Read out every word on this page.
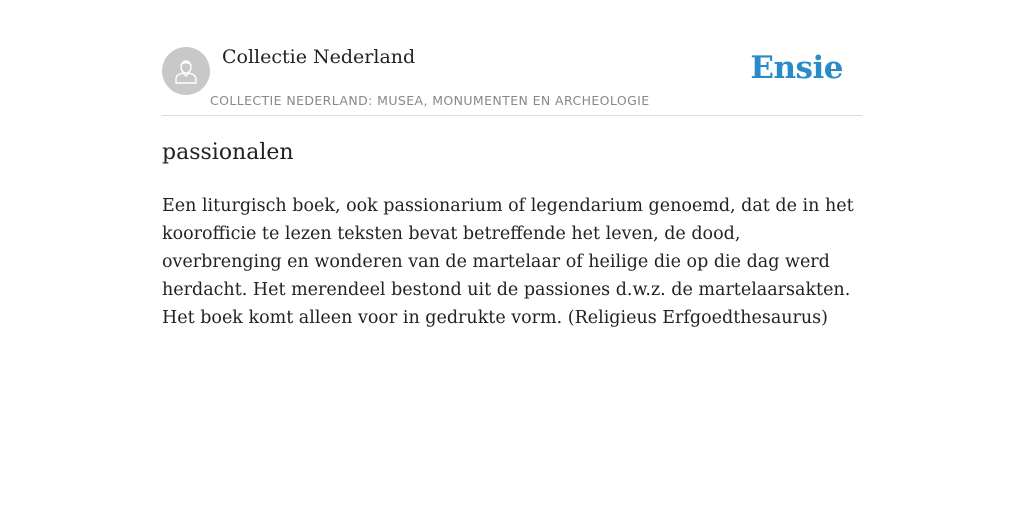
Collectie Nederland
COLLECTIE NEDERLAND: MUSEA, MONUMENTEN EN ARCHEOLOGIE
Ensie
passionalen

Een liturgisch boek, ook passionarium of legendarium genoemd, dat de in het koorofficie te lezen teksten bevat betreffende het leven, de dood, overbrenging en wonderen van de martelaar of heilige die op die dag werd herdacht. Het merendeel bestond uit de passiones d.w.z. de martelaarsakten. Het boek komt alleen voor in gedrukte vorm. (Religieus Erfgoedthesaurus)
